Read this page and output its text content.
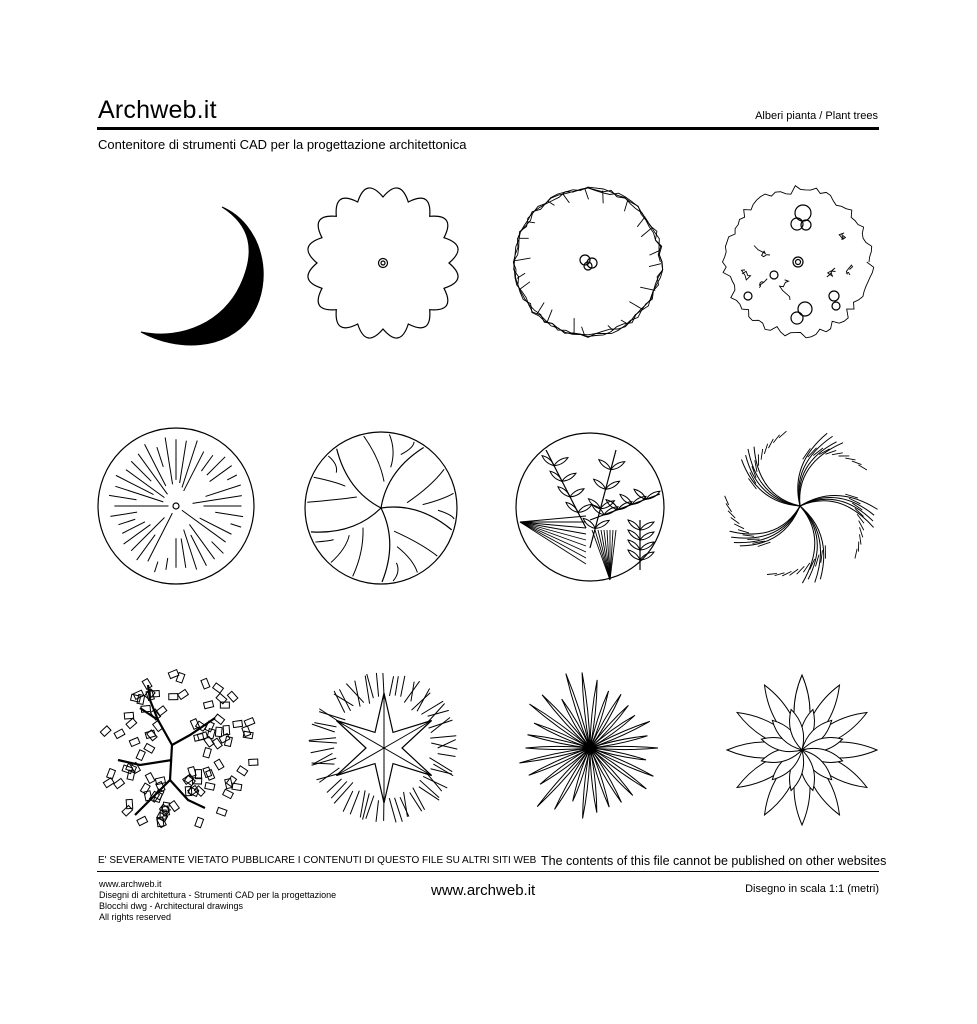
Archweb.it	Alberi pianta / Plant trees
Contenitore di strumenti CAD per la progettazione architettonica
E' SEVERAMENTE VIETATO PUBBLICARE I CONTENUTI DI QUESTO FILE SU ALTRI SITI WEB The contents of this file cannot be published on other websites
www.archweb.it
Disegni di architettura - Strumenti CAD per la progettazione
Blocchi dwg - Architectural drawings
All rights reserved
www.archweb.it	Disegno in scala 1:1 (metri)
